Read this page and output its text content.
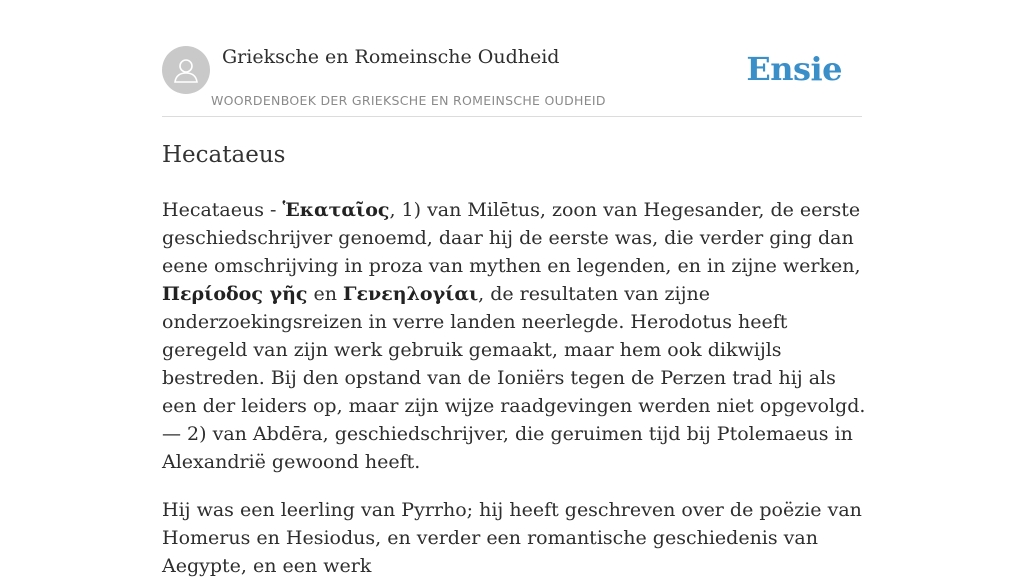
Grieksche en Romeinsche Oudheid
WOORDENBOEK DER GRIEKSCHE EN ROMEINSCHE OUDHEID
Ensie
Hecataeus

Hecataeus - Ἑκαταῖος, 1) van Milētus, zoon van Hegesander, de eerste geschiedschrijver genoemd, daar hij de eerste was, die verder ging dan eene omschrijving in proza van mythen en legenden, en in zijne werken, Περίοδος γῆς en Γενεηλογίαι, de resultaten van zijne onderzoekingsreizen in verre landen neerlegde. Herodotus heeft geregeld van zijn werk gebruik gemaakt, maar hem ook dikwijls bestreden. Bij den opstand van de Ioniërs tegen de Perzen trad hij als een der leiders op, maar zijn wijze raadgevingen werden niet opgevolgd.— 2) van Abdēra, geschiedschrijver, die geruimen tijd bij Ptolemaeus in Alexandrië gewoond heeft.

Hij was een leerling van Pyrrho; hij heeft geschreven over de poëzie van Homerus en Hesiodus, en verder een romantische geschiedenis van Aegypte, en een werk
